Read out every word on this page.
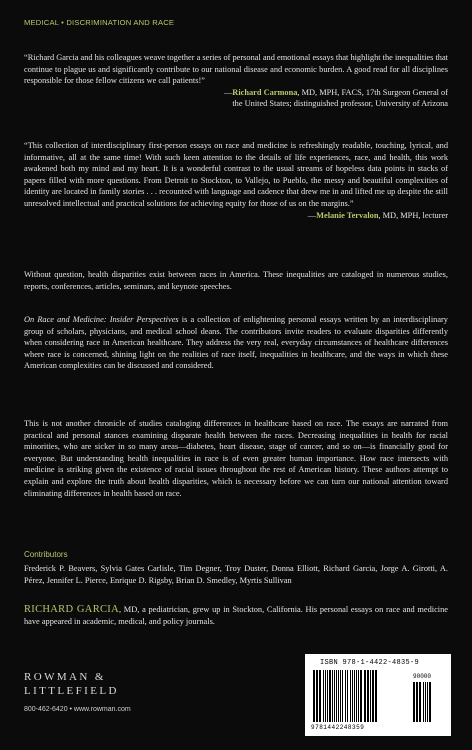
MEDICAL • DISCRIMINATION AND RACE

“Richard Garcia and his colleagues weave together a series of personal and emotional essays that highlight the inequalities that continue to plague us and significantly contribute to our national disease and economic burden. A good read for all disciplines responsible for those fellow citizens we call patients!”

—Richard Carmona, MD, MPH, FACS, 17th Surgeon General of
the United States; distinguished professor, University of Arizona

“This collection of interdisciplinary first-person essays on race and medicine is refreshingly readable, touching, lyrical, and informative, all at the same time! With such keen attention to the details of life experiences, race, and health, this work awakened both my mind and my heart. It is a wonderful contrast to the usual streams of hopeless data points in stacks of papers filled with more questions. From Detroit to Stockton, to Vallejo, to Pueblo, the messy and beautiful complexities of identity are located in family stories . . . recounted with language and cadence that drew me in and lifted me up despite the still unresolved intellectual and practical solutions for achieving equity for those of us on the margins.”

—Melanie Tervalon, MD, MPH, lecturer

Without question, health disparities exist between races in America. These inequalities are cataloged in numerous studies, reports, conferences, articles, seminars, and keynote speeches.

On Race and Medicine: Insider Perspectives is a collection of enlightening personal essays written by an interdisciplinary group of scholars, physicians, and medical school deans. The contributors invite readers to evaluate disparities differently when considering race in American healthcare. They address the very real, everyday circumstances of healthcare differences where race is concerned, shining light on the realities of race itself, inequalities in healthcare, and the ways in which these American complexities can be discussed and considered.

This is not another chronicle of studies cataloging differences in healthcare based on race. The essays are narrated from practical and personal stances examining disparate health between the races. Decreasing inequalities in health for racial minorities, who are sicker in so many areas—diabetes, heart disease, stage of cancer, and so on—is financially good for everyone. But understanding health inequalities in race is of even greater human importance. How race intersects with medicine is striking given the existence of racial issues throughout the rest of American history. These authors attempt to explain and explore the truth about health disparities, which is necessary before we can turn our national attention toward eliminating differences in health based on race.

Contributors
Frederick P. Beavers, Sylvia Gates Carlisle, Tim Degner, Troy Duster, Donna Elliott, Richard Garcia, Jorge A. Girotti, A. Pérez, Jennifer L. Pierce, Enrique D. Rigsby, Brian D. Smedley, Myrtis Sullivan
RICHARD GARCIA, MD, a pediatrician, grew up in Stockton, California. His personal essays on race and medicine have appeared in academic, medical, and policy journals.
ROWMAN &
LITTLEFIELD
800-462-6420 • www.rowman.com
ISBN 978-1-4422-4835-9
90000
9781442248359
